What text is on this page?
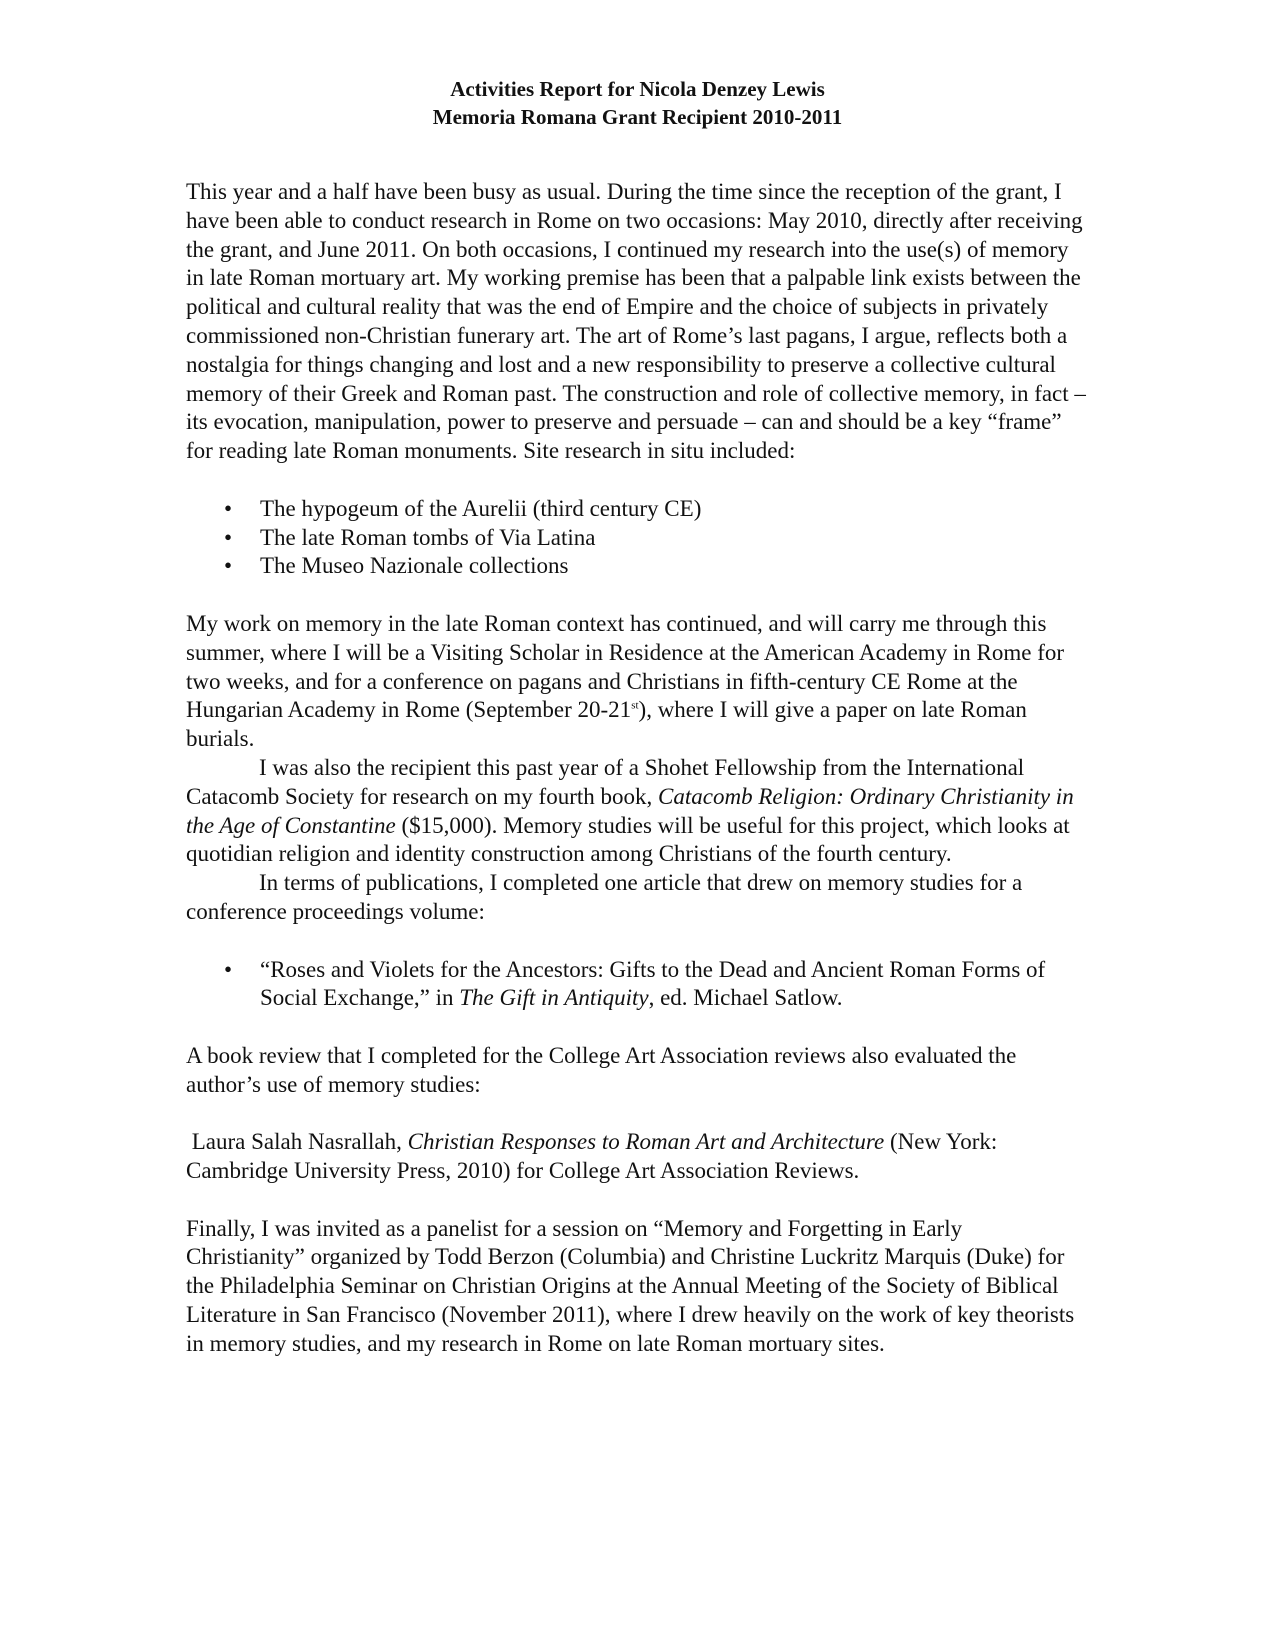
Activities Report for Nicola Denzey Lewis
Memoria Romana Grant Recipient 2010-2011

This year and a half have been busy as usual. During the time since the reception of the grant, I have been able to conduct research in Rome on two occasions: May 2010, directly after receiving the grant, and June 2011. On both occasions, I continued my research into the use(s) of memory in late Roman mortuary art. My working premise has been that a palpable link exists between the political and cultural reality that was the end of Empire and the choice of subjects in privately commissioned non-Christian funerary art. The art of Rome’s last pagans, I argue, reflects both a nostalgia for things changing and lost and a new responsibility to preserve a collective cultural memory of their Greek and Roman past. The construction and role of collective memory, in fact – its evocation, manipulation, power to preserve and persuade – can and should be a key “frame” for reading late Roman monuments. Site research in situ included:

• The hypogeum of the Aurelii (third century CE)
• The late Roman tombs of Via Latina
• The Museo Nazionale collections

My work on memory in the late Roman context has continued, and will carry me through this summer, where I will be a Visiting Scholar in Residence at the American Academy in Rome for two weeks, and for a conference on pagans and Christians in fifth-century CE Rome at the Hungarian Academy in Rome (September 20-21st), where I will give a paper on late Roman burials.

I was also the recipient this past year of a Shohet Fellowship from the International Catacomb Society for research on my fourth book, Catacomb Religion: Ordinary Christianity in the Age of Constantine ($15,000). Memory studies will be useful for this project, which looks at quotidian religion and identity construction among Christians of the fourth century.

In terms of publications, I completed one article that drew on memory studies for a conference proceedings volume:

• “Roses and Violets for the Ancestors: Gifts to the Dead and Ancient Roman Forms of Social Exchange,” in The Gift in Antiquity, ed. Michael Satlow.

A book review that I completed for the College Art Association reviews also evaluated the author’s use of memory studies:

Laura Salah Nasrallah, Christian Responses to Roman Art and Architecture (New York: Cambridge University Press, 2010) for College Art Association Reviews.

Finally, I was invited as a panelist for a session on “Memory and Forgetting in Early Christianity” organized by Todd Berzon (Columbia) and Christine Luckritz Marquis (Duke) for the Philadelphia Seminar on Christian Origins at the Annual Meeting of the Society of Biblical Literature in San Francisco (November 2011), where I drew heavily on the work of key theorists in memory studies, and my research in Rome on late Roman mortuary sites.
